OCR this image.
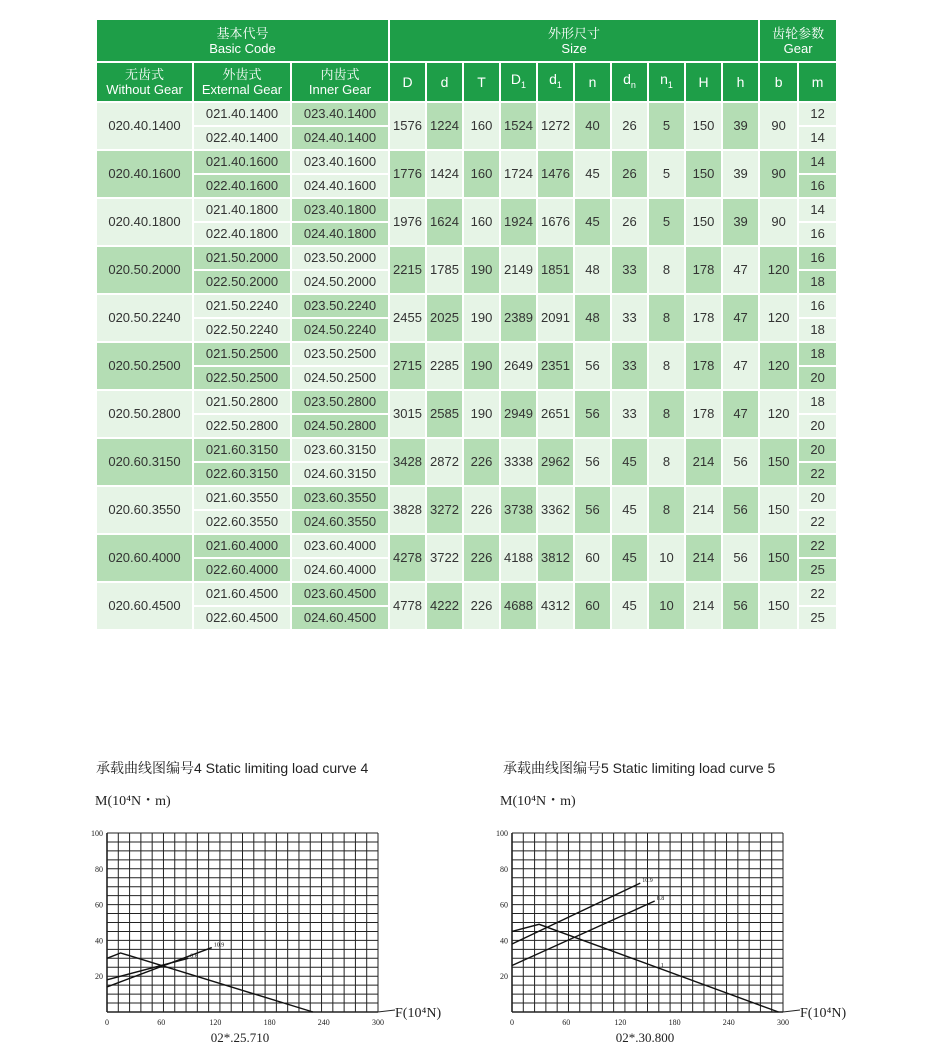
基本代号
Basic Code			外形尺寸
Size										齿轮参数
Gear	
无齿式
Without Gear	外齿式
External Gear	内齿式
Inner Gear	D	d	T	$D_1$	$d_1$	n	$d_n$	$n_1$	H	h	b	m
020.40.1400	021.40.1400	023.40.1400	1576	1224	160	1524	1272	40	26	5	150	39	90	12
	022.40.1400	024.40.1400												14
020.40.1600	021.40.1600	023.40.1600	1776	1424	160	1724	1476	45	26	5	150	39	90	14
	022.40.1600	024.40.1600												16
020.40.1800	021.40.1800	023.40.1800	1976	1624	160	1924	1676	45	26	5	150	39	90	14
	022.40.1800	024.40.1800												16
020.50.2000	021.50.2000	023.50.2000	2215	1785	190	2149	1851	48	33	8	178	47	120	16
	022.50.2000	024.50.2000												18
020.50.2240	021.50.2240	023.50.2240	2455	2025	190	2389	2091	48	33	8	178	47	120	16
	022.50.2240	024.50.2240												18
020.50.2500	021.50.2500	023.50.2500	2715	2285	190	2649	2351	56	33	8	178	47	120	18
	022.50.2500	024.50.2500												20
020.50.2800	021.50.2800	023.50.2800	3015	2585	190	2949	2651	56	33	8	178	47	120	18
	022.50.2800	024.50.2800												20
020.60.3150	021.60.3150	023.60.3150	3428	2872	226	3338	2962	56	45	8	214	56	150	20
	022.60.3150	024.60.3150												22
020.60.3550	021.60.3550	023.60.3550	3828	3272	226	3738	3362	56	45	8	214	56	150	20
	022.60.3550	024.60.3550												22
020.60.4000	021.60.4000	023.60.4000	4278	3722	226	4188	3812	60	45	10	214	56	150	22
	022.60.4000	024.60.4000												25
020.60.4500	021.60.4500	023.60.4500	4778	4222	226	4688	4312	60	45	10	214	56	150	22
	022.60.4500	024.60.4500												25
承载曲线图编号4 Static limiting load curve 4
0	60	120	180	240	300
20
40
60
80
100
M(10⁴N・m)
F(10⁴N)
10.9
8.8
1
02*.25.710
承载曲线图编号5 Static limiting load curve 5
0	60	120	180	240	300
20
40
60
80
100
M(10⁴N・m)
F(10⁴N)
10.9
8.8
1
02*.30.800
